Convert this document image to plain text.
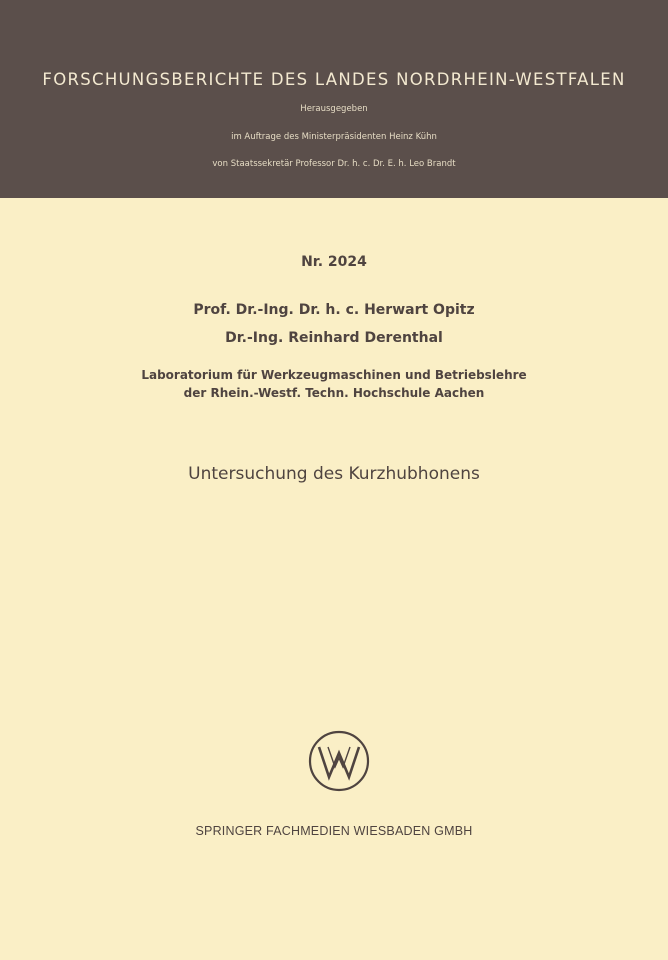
FORSCHUNGSBERICHTE DES LANDES NORDRHEIN-WESTFALEN
Herausgegeben
im Auftrage des Ministerpräsidenten Heinz Kühn
von Staatssekretär Professor Dr. h. c. Dr. E. h. Leo Brandt
Nr. 2024
Prof. Dr.-Ing. Dr. h. c. Herwart Opitz
Dr.-Ing. Reinhard Derenthal
Laboratorium für Werkzeugmaschinen und Betriebslehre
der Rhein.-Westf. Techn. Hochschule Aachen
Untersuchung des Kurzhubhonens
SPRINGER FACHMEDIEN WIESBADEN GMBH
